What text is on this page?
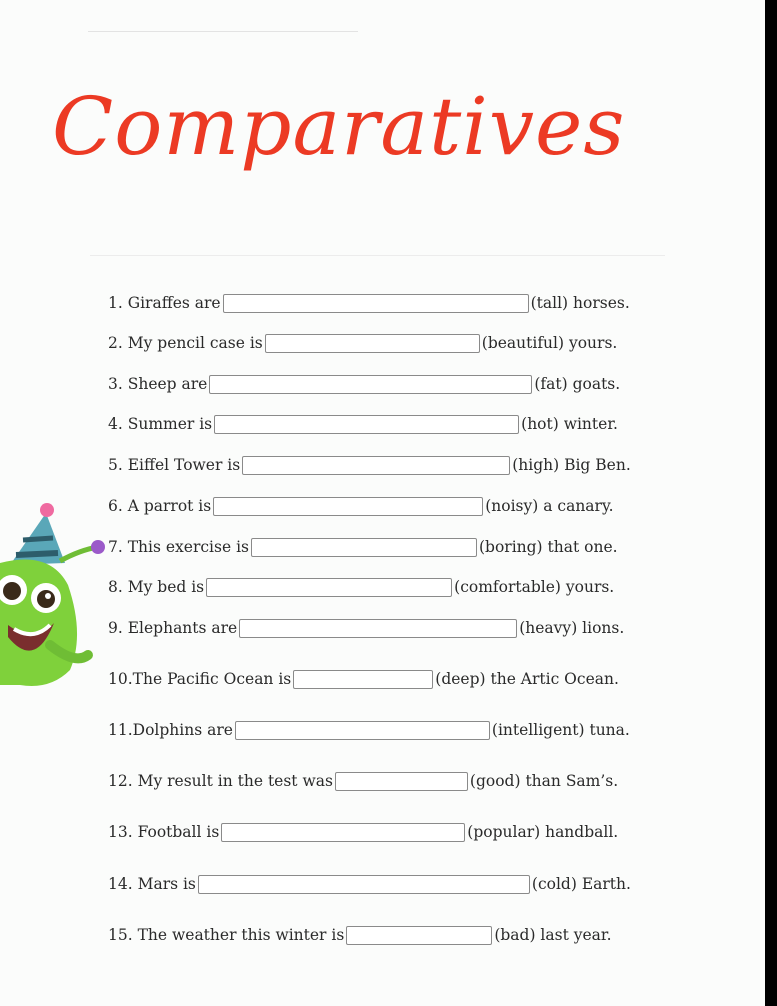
Comparatives
1. Giraffes are	(tall) horses.
2. My pencil case is	(beautiful) yours.
3. Sheep are	(fat) goats.
4. Summer is	(hot) winter.
5. Eiffel Tower is	(high) Big Ben.
6. A parrot is	(noisy) a canary.
7. This exercise is	(boring) that one.
8. My bed is	(comfortable) yours.
9. Elephants are	(heavy) lions.
10.The Pacific Ocean is	(deep) the Artic Ocean.
11.Dolphins are	(intelligent) tuna.
12. My result in the test was	(good) than Sam’s.
13. Football is	(popular) handball.
14. Mars is	(cold) Earth.
15. The weather this winter is	(bad) last year.
